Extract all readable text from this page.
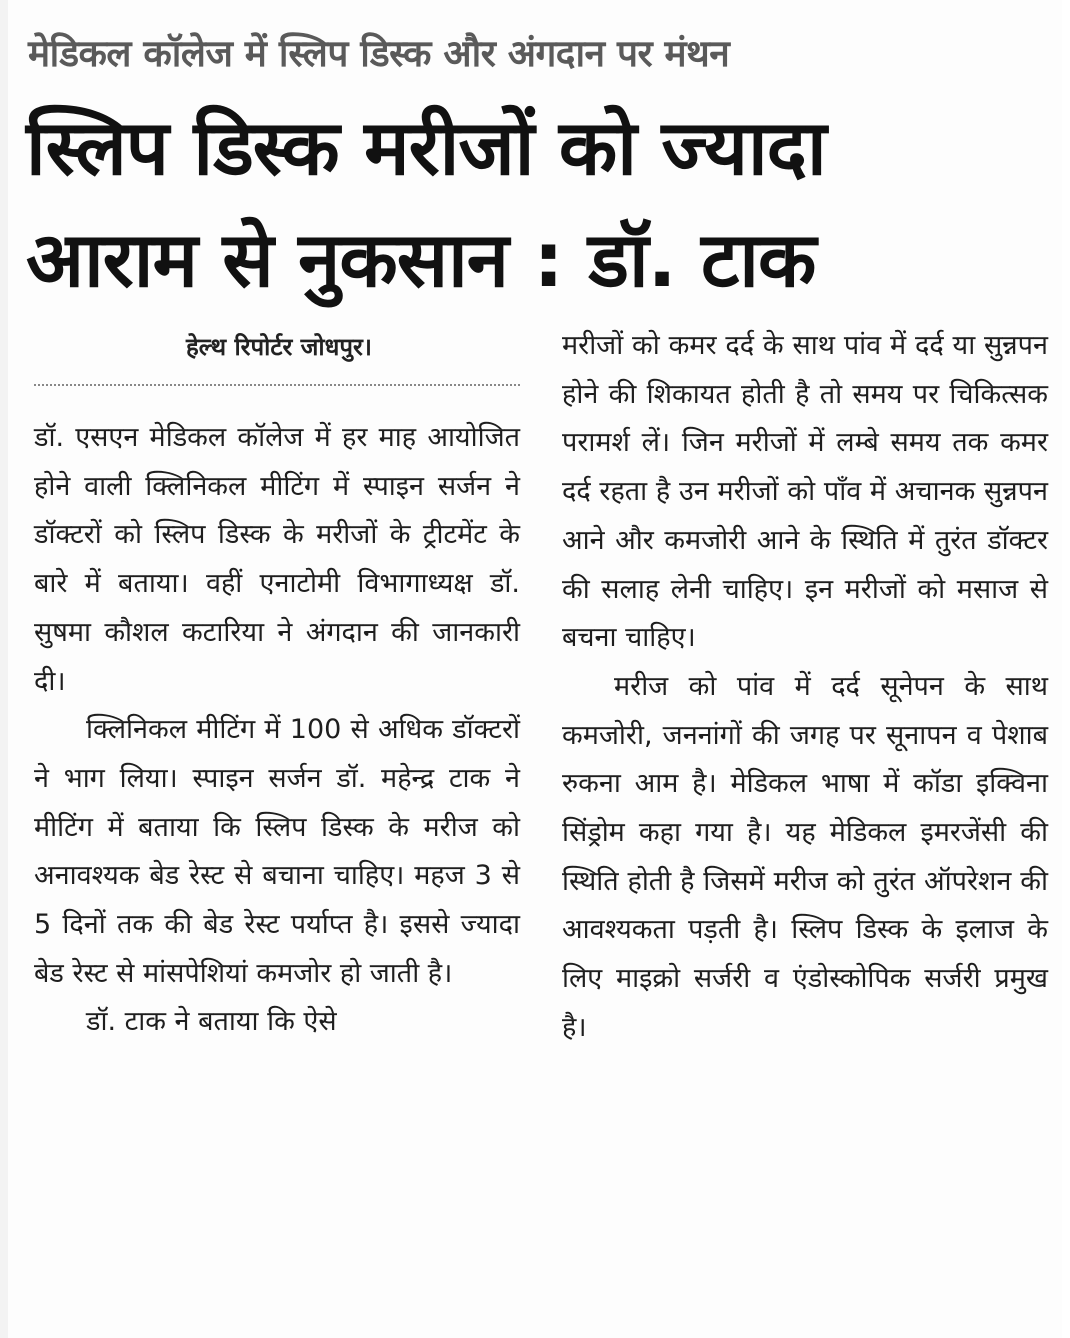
मेडिकल कॉलेज में स्लिप डिस्क और अंगदान पर मंथन
स्लिप डिस्क मरीजों को ज्यादा
आराम से नुकसान : डॉ. टाक
हेल्थ रिपोर्टर जोधपुर।

डॉ. एसएन मेडिकल कॉलेज में हर माह आयोजित होने वाली क्लिनिकल मीटिंग में स्पाइन सर्जन ने डॉक्टरों को स्लिप डिस्क के मरीजों के ट्रीटमेंट के बारे में बताया। वहीं एनाटोमी विभागाध्यक्ष डॉ. सुषमा कौशल कटारिया ने अंगदान की जानकारी दी।

क्लिनिकल मीटिंग में 100 से अधिक डॉक्टरों ने भाग लिया। स्पाइन सर्जन डॉ. महेन्द्र टाक ने मीटिंग में बताया कि स्लिप डिस्क के मरीज को अनावश्यक बेड रेस्ट से बचाना चाहिए। महज 3 से 5 दिनों तक की बेड रेस्ट पर्याप्त है। इससे ज्यादा बेड रेस्ट से मांसपेशियां कमजोर हो जाती है।

डॉ. टाक ने बताया कि ऐसे

मरीजों को कमर दर्द के साथ पांव में दर्द या सुन्नपन होने की शिकायत होती है तो समय पर चिकित्सक परामर्श लें। जिन मरीजों में लम्बे समय तक कमर दर्द रहता है उन मरीजों को पाँव में अचानक सुन्नपन आने और कमजोरी आने के स्थिति में तुरंत डॉक्टर की सलाह लेनी चाहिए। इन मरीजों को मसाज से बचना चाहिए।

मरीज को पांव में दर्द सूनेपन के साथ कमजोरी, जननांगों की जगह पर सूनापन व पेशाब रुकना आम है। मेडिकल भाषा में कॉडा इक्विना सिंड्रोम कहा गया है। यह मेडिकल इमरजेंसी की स्थिति होती है जिसमें मरीज को तुरंत ऑपरेशन की आवश्यकता पड़ती है। स्लिप डिस्क के इलाज के लिए माइक्रो सर्जरी व एंडोस्कोपिक सर्जरी प्रमुख है।
